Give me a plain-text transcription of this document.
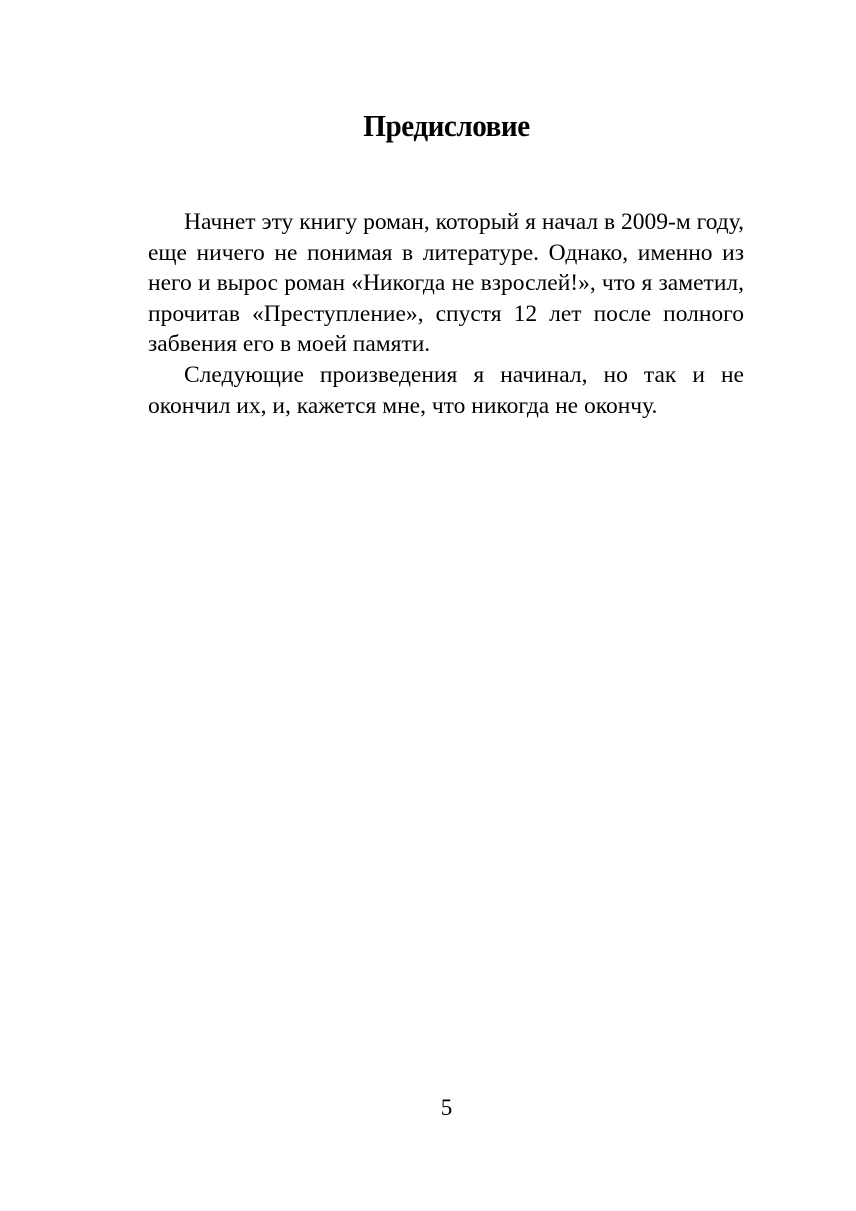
Предисловие

Начнет эту книгу роман, который я начал в 2009-м году, еще ничего не понимая в литературе. Однако, именно из него и вырос роман «Никогда не взрослей!», что я заметил, прочитав «Преступление», спустя 12 лет после полного забвения его в моей памяти.

Следующие произведения я начинал, но так и не окончил их, и, кажется мне, что никогда не окончу.

5
